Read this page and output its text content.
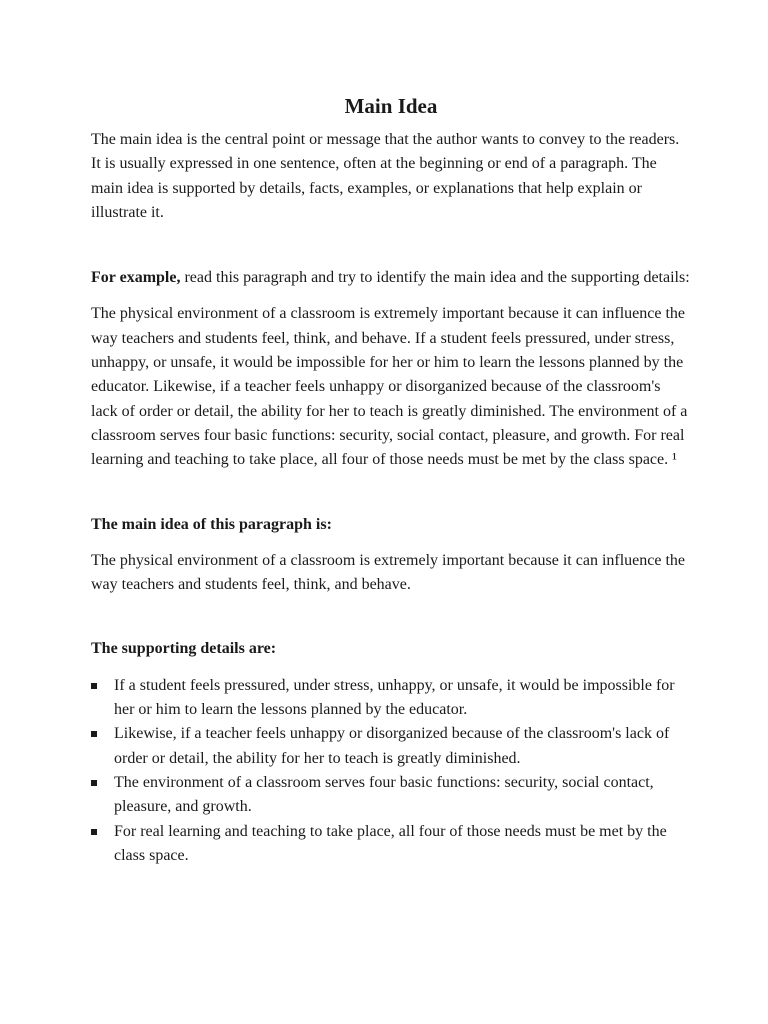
Main Idea

The main idea is the central point or message that the author wants to convey to the readers. It is usually expressed in one sentence, often at the beginning or end of a paragraph. The main idea is supported by details, facts, examples, or explanations that help explain or illustrate it.

For example, read this paragraph and try to identify the main idea and the supporting details:

The physical environment of a classroom is extremely important because it can influence the way teachers and students feel, think, and behave. If a student feels pressured, under stress, unhappy, or unsafe, it would be impossible for her or him to learn the lessons planned by the educator. Likewise, if a teacher feels unhappy or disorganized because of the classroom's lack of order or detail, the ability for her to teach is greatly diminished. The environment of a classroom serves four basic functions: security, social contact, pleasure, and growth. For real learning and teaching to take place, all four of those needs must be met by the class space. ¹

The main idea of this paragraph is:

The physical environment of a classroom is extremely important because it can influence the way teachers and students feel, think, and behave.

The supporting details are:

If a student feels pressured, under stress, unhappy, or unsafe, it would be impossible for her or him to learn the lessons planned by the educator.
Likewise, if a teacher feels unhappy or disorganized because of the classroom's lack of order or detail, the ability for her to teach is greatly diminished.
The environment of a classroom serves four basic functions: security, social contact, pleasure, and growth.
For real learning and teaching to take place, all four of those needs must be met by the class space.
